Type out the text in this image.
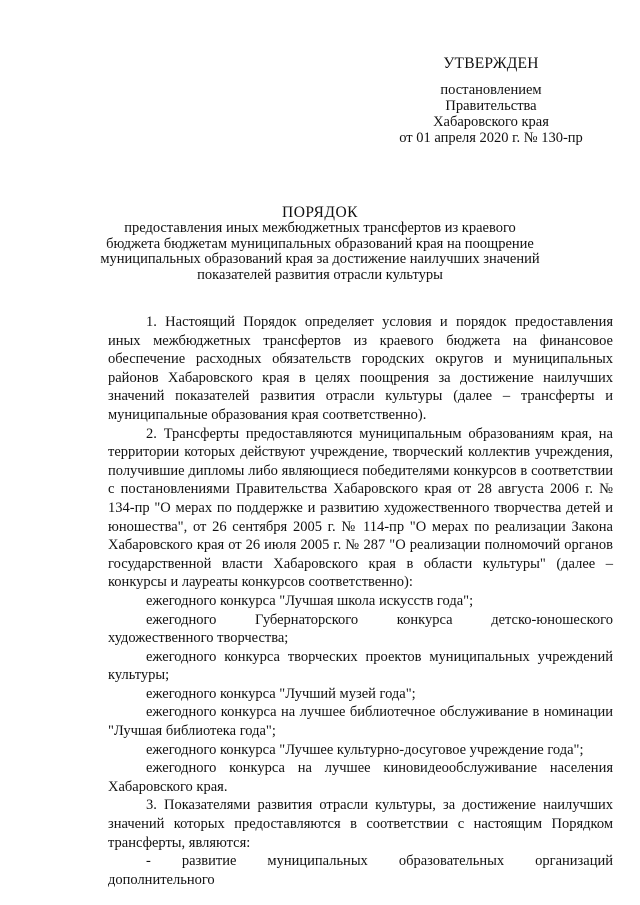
УТВЕРЖДЕН
постановлением
Правительства
Хабаровского края
от 01 апреля 2020 г. № 130-пр
ПОРЯДОК
предоставления иных межбюджетных трансфертов из краевого бюджета бюджетам муниципальных образований края на поощрение муниципальных образований края за достижение наилучших значений показателей развития отрасли культуры

1. Настоящий Порядок определяет условия и порядок предоставления иных межбюджетных трансфертов из краевого бюджета на финансовое обеспечение расходных обязательств городских округов и муниципальных районов Хабаровского края в целях поощрения за достижение наилучших значений показателей развития отрасли культуры (далее – трансферты и муниципальные образования края соответственно).

2. Трансферты предоставляются муниципальным образованиям края, на территории которых действуют учреждение, творческий коллектив учреждения, получившие дипломы либо являющиеся победителями конкурсов в соответствии с постановлениями Правительства Хабаровского края от 28 августа 2006 г. № 134-пр "О мерах по поддержке и развитию художественного творчества детей и юношества", от 26 сентября 2005 г. № 114-пр "О мерах по реализации Закона Хабаровского края от 26 июля 2005 г. № 287 "О реализации полномочий органов государственной власти Хабаровского края в области культуры" (далее – конкурсы и лауреаты конкурсов соответственно):

ежегодного конкурса "Лучшая школа искусств года";

ежегодного Губернаторского конкурса детско-юношеского художественного творчества;

ежегодного конкурса творческих проектов муниципальных учреждений культуры;

ежегодного конкурса "Лучший музей года";

ежегодного конкурса на лучшее библиотечное обслуживание в номинации "Лучшая библиотека года";

ежегодного конкурса "Лучшее культурно-досуговое учреждение года";

ежегодного конкурса на лучшее киновидеообслуживание населения Хабаровского края.

3. Показателями развития отрасли культуры, за достижение наилучших значений которых предоставляются в соответствии с настоящим Порядком трансферты, являются:

- развитие муниципальных образовательных организаций дополнительного
